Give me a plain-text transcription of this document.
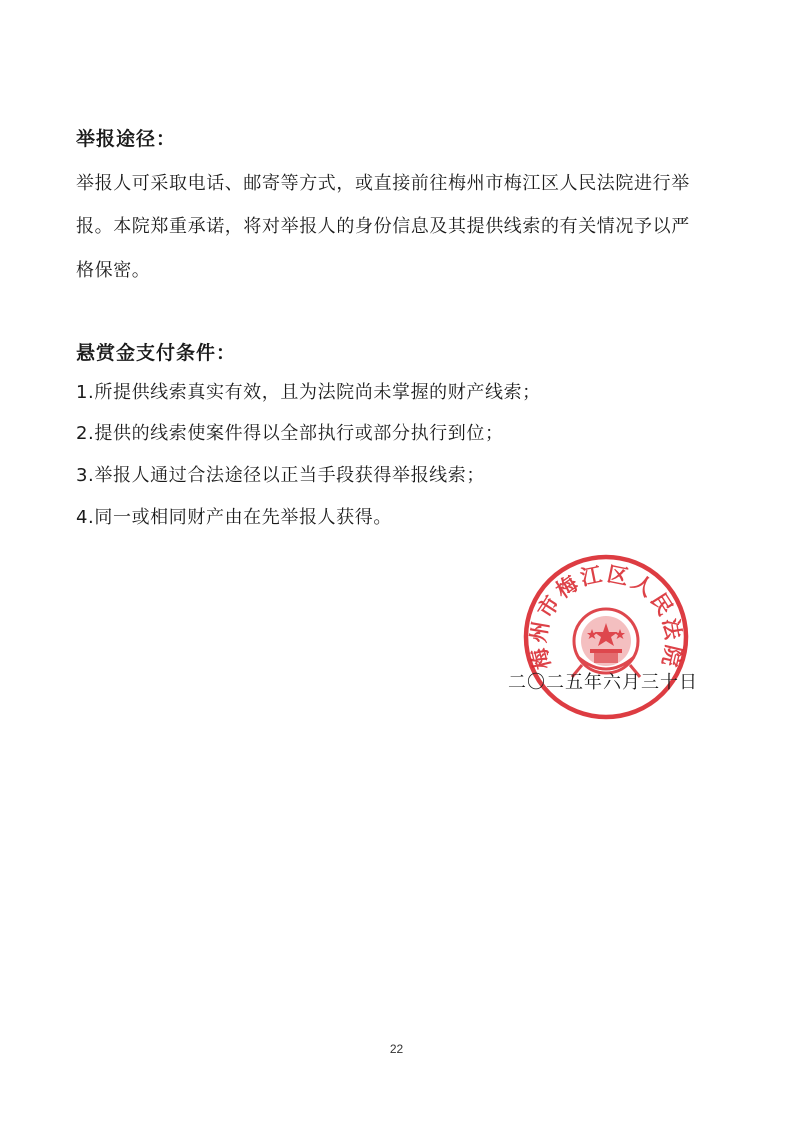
举报途径：
举报人可采取电话、邮寄等方式，或直接前往梅州市梅江区人民法院进行举
报。本院郑重承诺，将对举报人的身份信息及其提供线索的有关情况予以严
格保密。
悬赏金支付条件：
1.所提供线索真实有效，且为法院尚未掌握的财产线索；
2.提供的线索使案件得以全部执行或部分执行到位；
3.举报人通过合法途径以正当手段获得举报线索；
4.同一或相同财产由在先举报人获得。
梅州市梅江区人民法院
二〇二五年六月三十日
22
